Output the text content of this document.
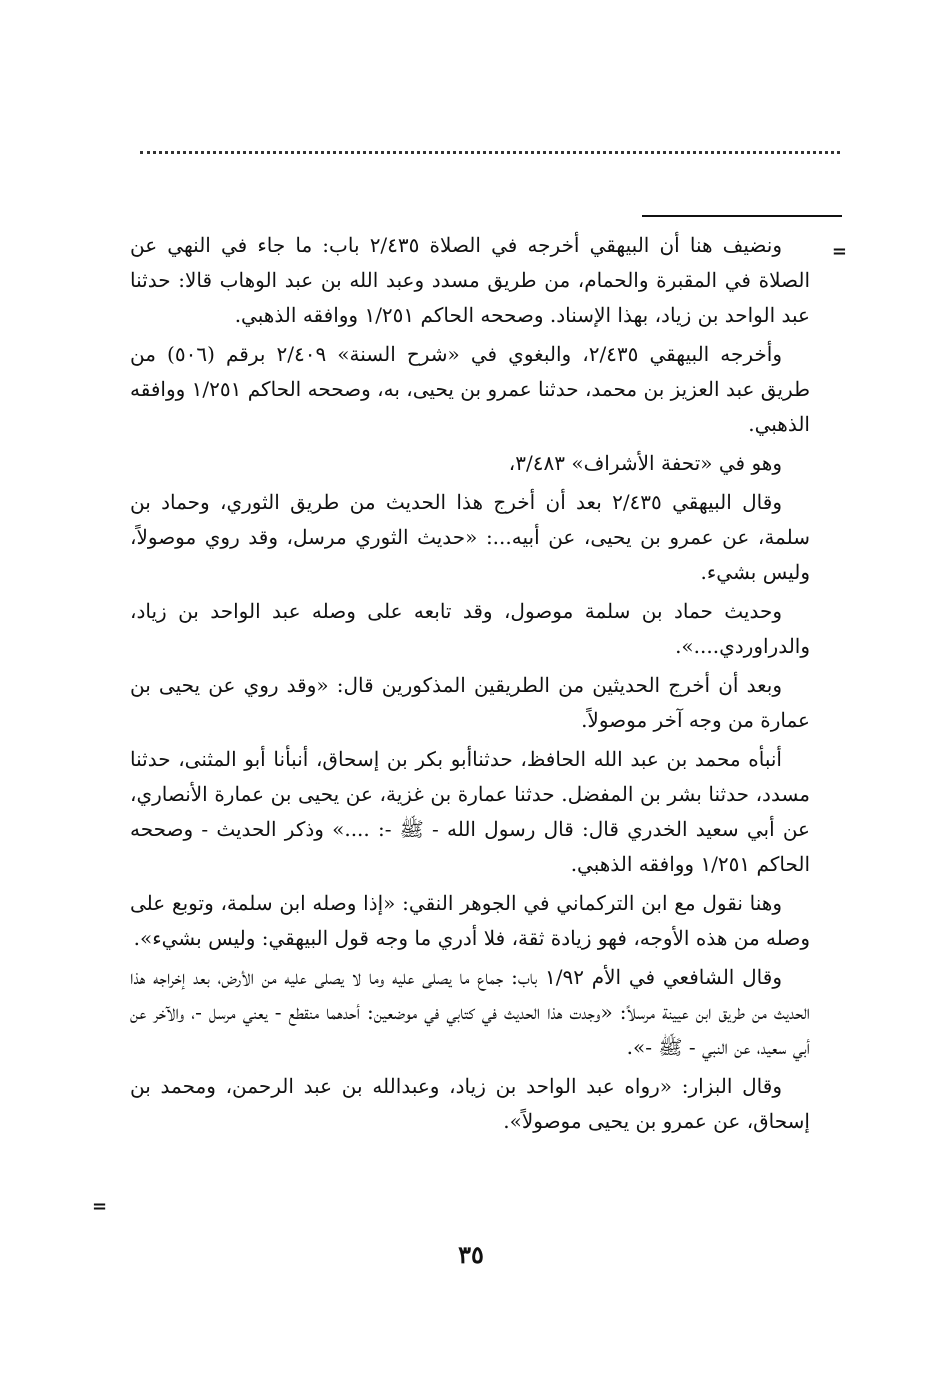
=

ونضيف هنا أن البيهقي أخرجه في الصلاة ٢/٤٣٥ باب: ما جاء في النهي عن الصلاة في المقبرة والحمام، من طريق مسدد وعبد الله بن عبد الوهاب قالا: حدثنا عبد الواحد بن زياد، بهذا الإسناد. وصححه الحاكم ١/٢٥١ ووافقه الذهبي.

وأخرجه البيهقي ٢/٤٣٥، والبغوي في «شرح السنة» ٢/٤٠٩ برقم (٥٠٦) من طريق عبد العزيز بن محمد، حدثنا عمرو بن يحيى، به، وصححه الحاكم ١/٢٥١ ووافقه الذهبي.

وهو في «تحفة الأشراف» ٣/٤٨٣،

وقال البيهقي ٢/٤٣٥ بعد أن أخرج هذا الحديث من طريق الثوري، وحماد بن سلمة، عن عمرو بن يحيى، عن أبيه...: «حديث الثوري مرسل، وقد روي موصولاً، وليس بشيء.

وحديث حماد بن سلمة موصول، وقد تابعه على وصله عبد الواحد بن زياد، والدراوردي....».

وبعد أن أخرج الحديثين من الطريقين المذكورين قال: «وقد روي عن يحيى بن عمارة من وجه آخر موصولاً.

أنبأه محمد بن عبد الله الحافظ، حدثناأبو بكر بن إسحاق، أنبأنا أبو المثنى، حدثنا مسدد، حدثنا بشر بن المفضل. حدثنا عمارة بن غزية، عن يحيى بن عمارة الأنصاري، عن أبي سعيد الخدري قال: قال رسول الله - ﷺ -: ....» وذكر الحديث - وصححه الحاكم ١/٢٥١ ووافقه الذهبي.

وهنا نقول مع ابن التركماني في الجوهر النقي: «إذا وصله ابن سلمة، وتوبع على وصله من هذه الأوجه، فهو زيادة ثقة، فلا أدري ما وجه قول البيهقي: وليس بشيء».

وقال الشافعي في الأم ١/٩٢ باب: جماع ما يصلى عليه وما لا يصلى عليه من الأرض، بعد إخراجه هذا الحديث من طريق ابن عيينة مرسلاً: «وجدت هذا الحديث في كتابي في موضعين: أحدهما منقطع - يعني مرسل -، والآخر عن أبي سعيد، عن النبي - ﷺ -».

وقال البزار: «رواه عبد الواحد بن زياد، وعبدالله بن عبد الرحمن، ومحمد بن إسحاق، عن عمرو بن يحيى موصولاً».

=
٣٥
